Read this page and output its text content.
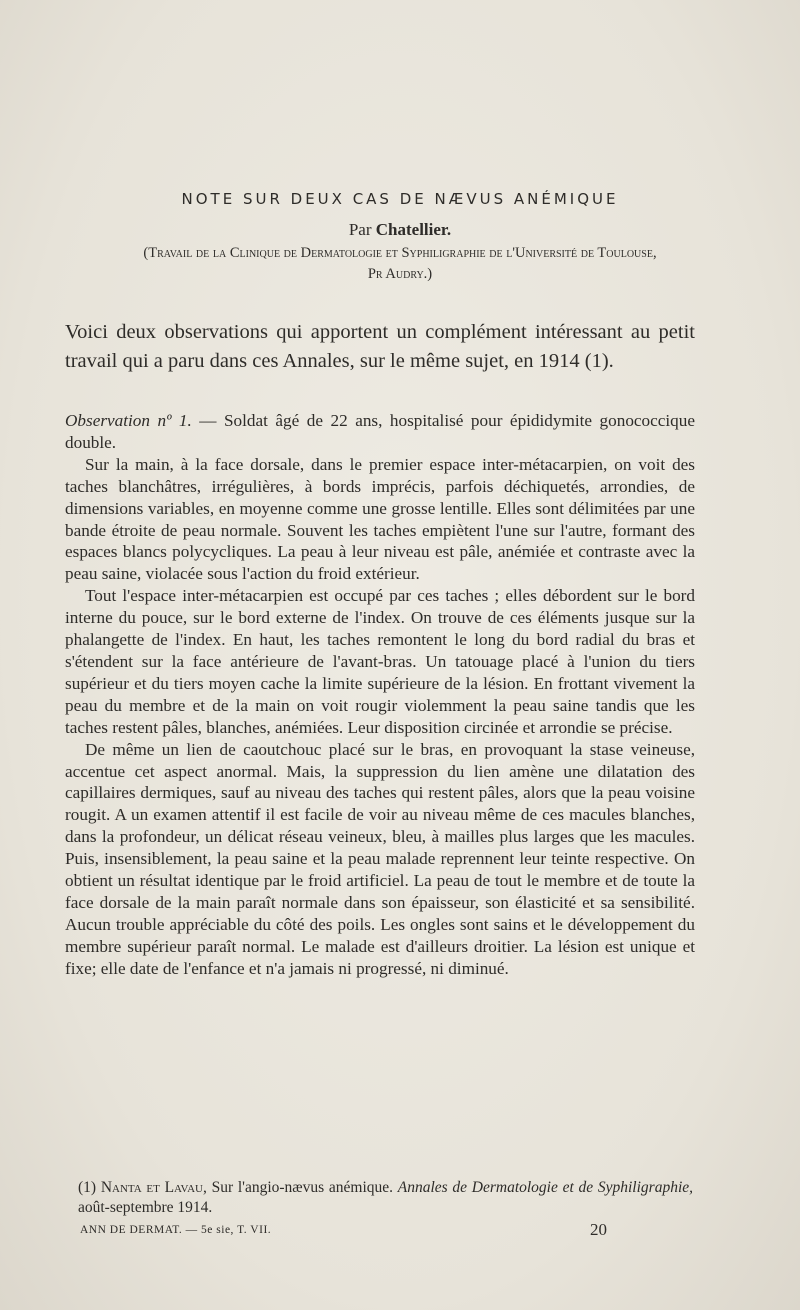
NOTE SUR DEUX CAS DE NÆVUS ANÉMIQUE
Par Chatellier.
(Travail de la Clinique de Dermatologie et Syphiligraphie de l'Université de Toulouse,
Pr Audry.)
Voici deux observations qui apportent un complément intéressant au petit travail qui a paru dans ces Annales, sur le même sujet, en 1914 (1).

Observation nº 1. — Soldat âgé de 22 ans, hospitalisé pour épididymite gonococcique double.

Sur la main, à la face dorsale, dans le premier espace inter-métacarpien, on voit des taches blanchâtres, irrégulières, à bords imprécis, parfois déchiquetés, arrondies, de dimensions variables, en moyenne comme une grosse lentille. Elles sont délimitées par une bande étroite de peau normale. Souvent les taches empiètent l'une sur l'autre, formant des espaces blancs polycycliques. La peau à leur niveau est pâle, anémiée et contraste avec la peau saine, violacée sous l'action du froid extérieur.

Tout l'espace inter-métacarpien est occupé par ces taches ; elles débordent sur le bord interne du pouce, sur le bord externe de l'index. On trouve de ces éléments jusque sur la phalangette de l'index. En haut, les taches remontent le long du bord radial du bras et s'étendent sur la face antérieure de l'avant-bras. Un tatouage placé à l'union du tiers supérieur et du tiers moyen cache la limite supérieure de la lésion. En frottant vivement la peau du membre et de la main on voit rougir violemment la peau saine tandis que les taches restent pâles, blanches, anémiées. Leur disposition circinée et arrondie se précise.

De même un lien de caoutchouc placé sur le bras, en provoquant la stase veineuse, accentue cet aspect anormal. Mais, la suppression du lien amène une dilatation des capillaires dermiques, sauf au niveau des taches qui restent pâles, alors que la peau voisine rougit. A un examen attentif il est facile de voir au niveau même de ces macules blanches, dans la profondeur, un délicat réseau veineux, bleu, à mailles plus larges que les macules. Puis, insensiblement, la peau saine et la peau malade reprennent leur teinte respective. On obtient un résultat identique par le froid artificiel. La peau de tout le membre et de toute la face dorsale de la main paraît normale dans son épaisseur, son élasticité et sa sensibilité. Aucun trouble appréciable du côté des poils. Les ongles sont sains et le développement du membre supérieur paraît normal. Le malade est d'ailleurs droitier. La lésion est unique et fixe; elle date de l'enfance et n'a jamais ni progressé, ni diminué.

(1) Nanta et Lavau, Sur l'angio-nævus anémique. Annales de Dermatologie et de Syphiligraphie, août-septembre 1914.
ANN DE DERMAT. — 5e sie, T. VII.	20
